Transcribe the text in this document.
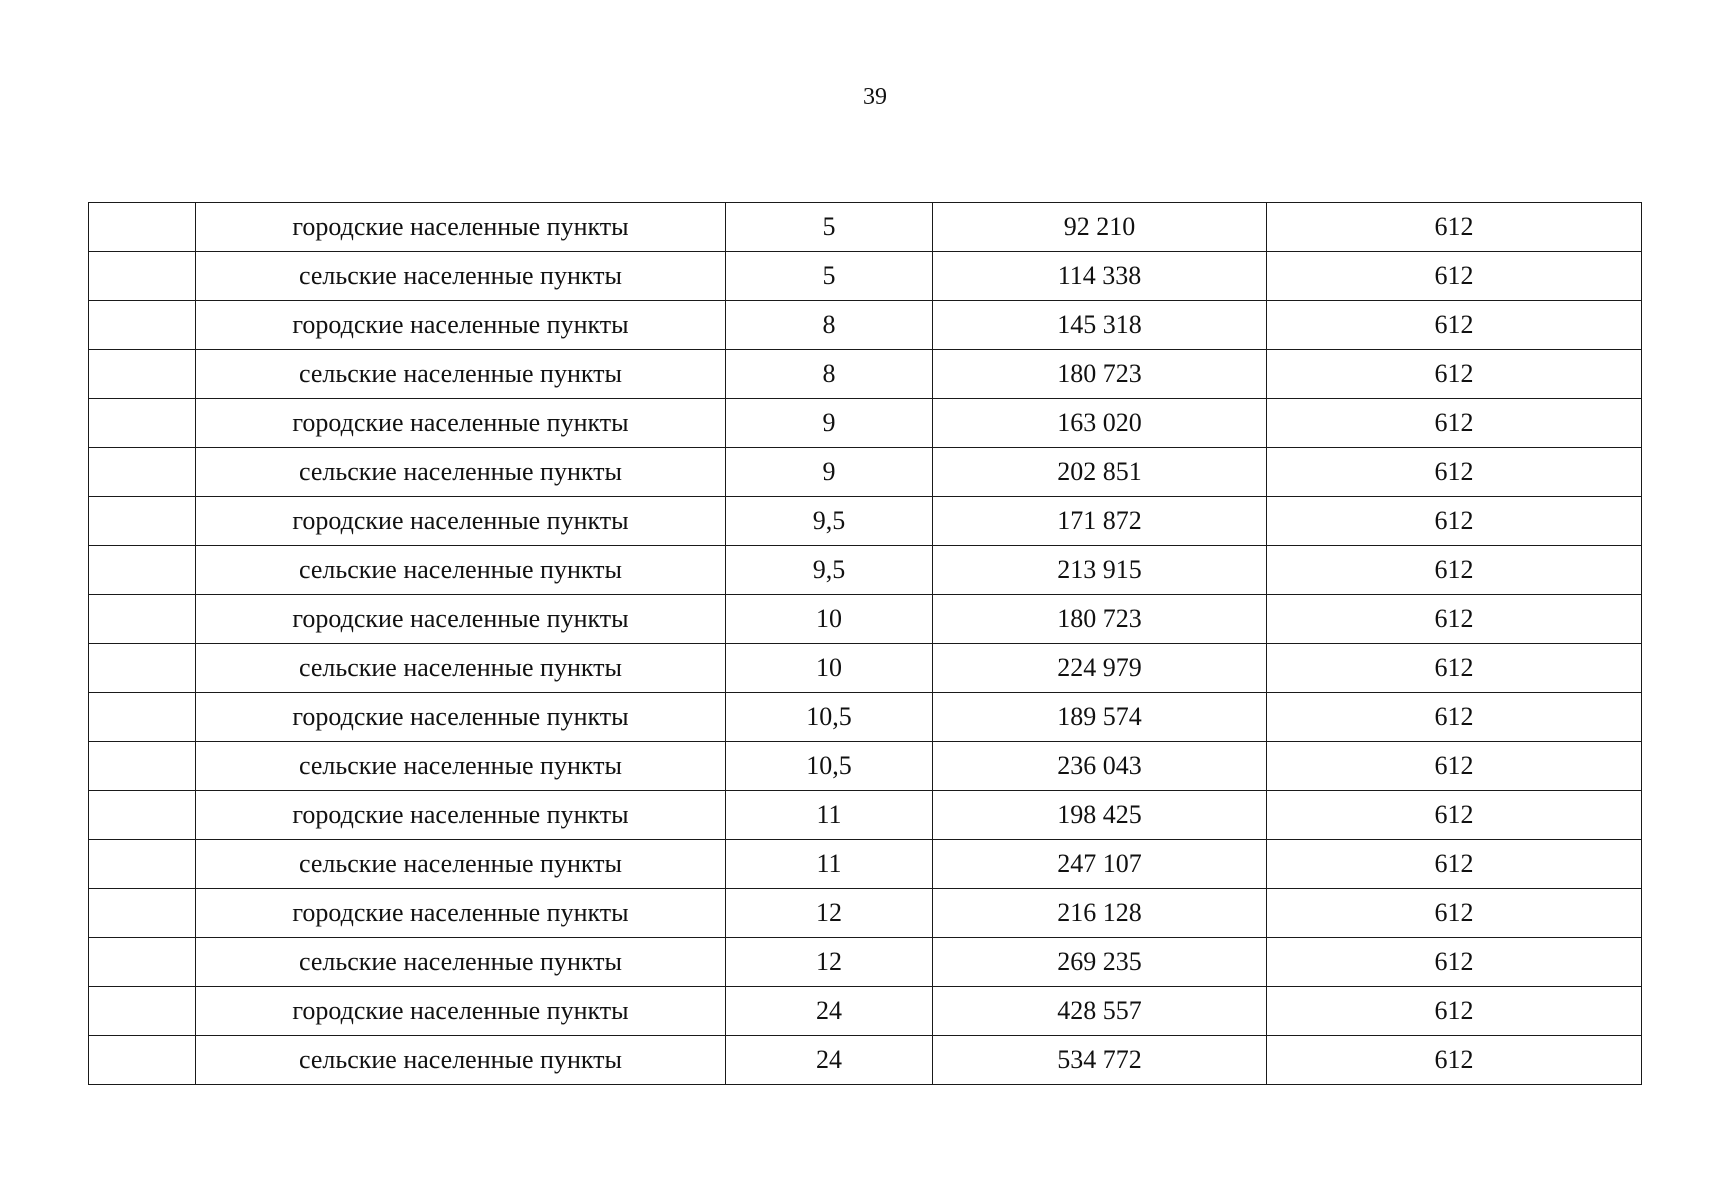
39
	городские населенные пункты	5	92 210	612
	сельские населенные пункты	5	114 338	612
	городские населенные пункты	8	145 318	612
	сельские населенные пункты	8	180 723	612
	городские населенные пункты	9	163 020	612
	сельские населенные пункты	9	202 851	612
	городские населенные пункты	9,5	171 872	612
	сельские населенные пункты	9,5	213 915	612
	городские населенные пункты	10	180 723	612
	сельские населенные пункты	10	224 979	612
	городские населенные пункты	10,5	189 574	612
	сельские населенные пункты	10,5	236 043	612
	городские населенные пункты	11	198 425	612
	сельские населенные пункты	11	247 107	612
	городские населенные пункты	12	216 128	612
	сельские населенные пункты	12	269 235	612
	городские населенные пункты	24	428 557	612
	сельские населенные пункты	24	534 772	612
